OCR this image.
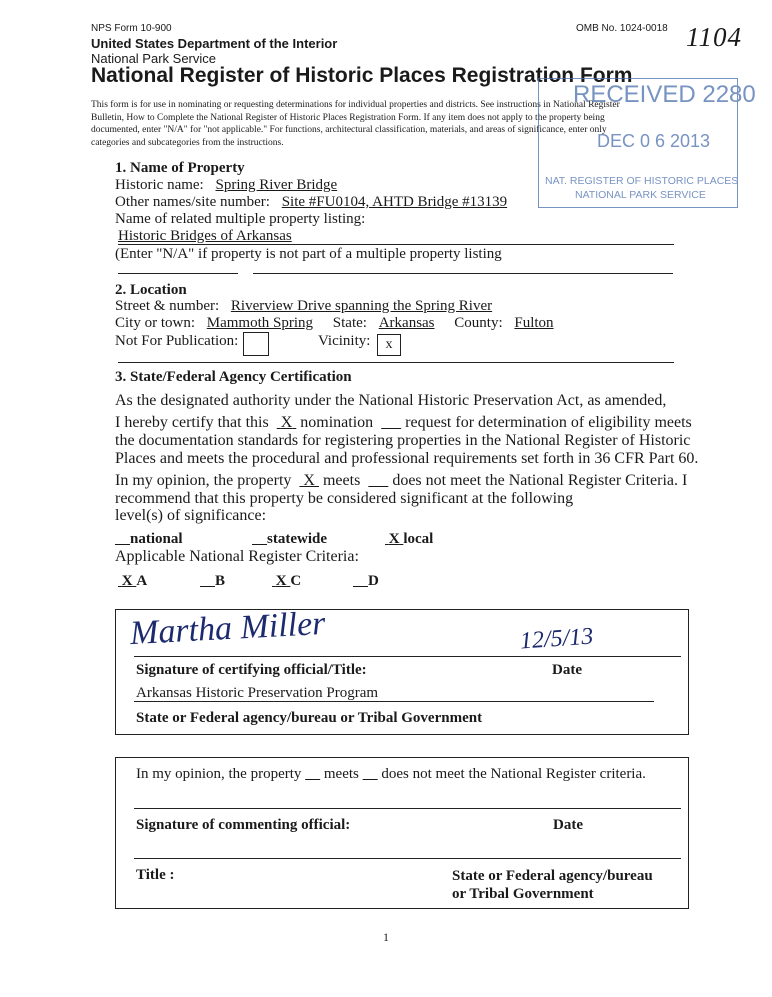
NPS Form 10-900	OMB No. 1024-0018 1104
United States Department of the Interior
National Park Service
National Register of Historic Places Registration Form
This form is for use in nominating or requesting determinations for individual properties and districts. See instructions in National Register
Bulletin, How to Complete the National Register of Historic Places Registration Form. If any item does not apply to the property being
documented, enter "N/A" for "not applicable." For functions, architectural classification, materials, and areas of significance, enter only
categories and subcategories from the instructions.
RECEIVED 2280
DEC 0 6 2013
NAT. REGISTER OF HISTORIC PLACES
NATIONAL PARK SERVICE
1. Name of Property
Historic name: Spring River Bridge
Other names/site number: Site #FU0104, AHTD Bridge #13139
Name of related multiple property listing:
Historic Bridges of Arkansas
(Enter "N/A" if property is not part of a multiple property listing
2. Location
Street & number: Riverview Drive spanning the Spring River
City or town: Mammoth Spring State: Arkansas County: Fulton
Not For Publication:	Vicinity:	x
3. State/Federal Agency Certification
As the designated authority under the National Historic Preservation Act, as amended,
I hereby certify that this X nomination request for determination of eligibility meets
the documentation standards for registering properties in the National Register of Historic
Places and meets the procedural and professional requirements set forth in 36 CFR Part 60.
In my opinion, the property X meets does not meet the National Register Criteria. I
recommend that this property be considered significant at the following
level(s) of significance:
national	statewide	X local
Applicable National Register Criteria:
X A	B	X C	D
Martha Miller	12/5/13
Signature of certifying official/Title:	Date
Arkansas Historic Preservation Program
State or Federal agency/bureau or Tribal Government
In my opinion, the property meets does not meet the National Register criteria.
Signature of commenting official:	Date
Title :	State or Federal agency/bureau
or Tribal Government
1
